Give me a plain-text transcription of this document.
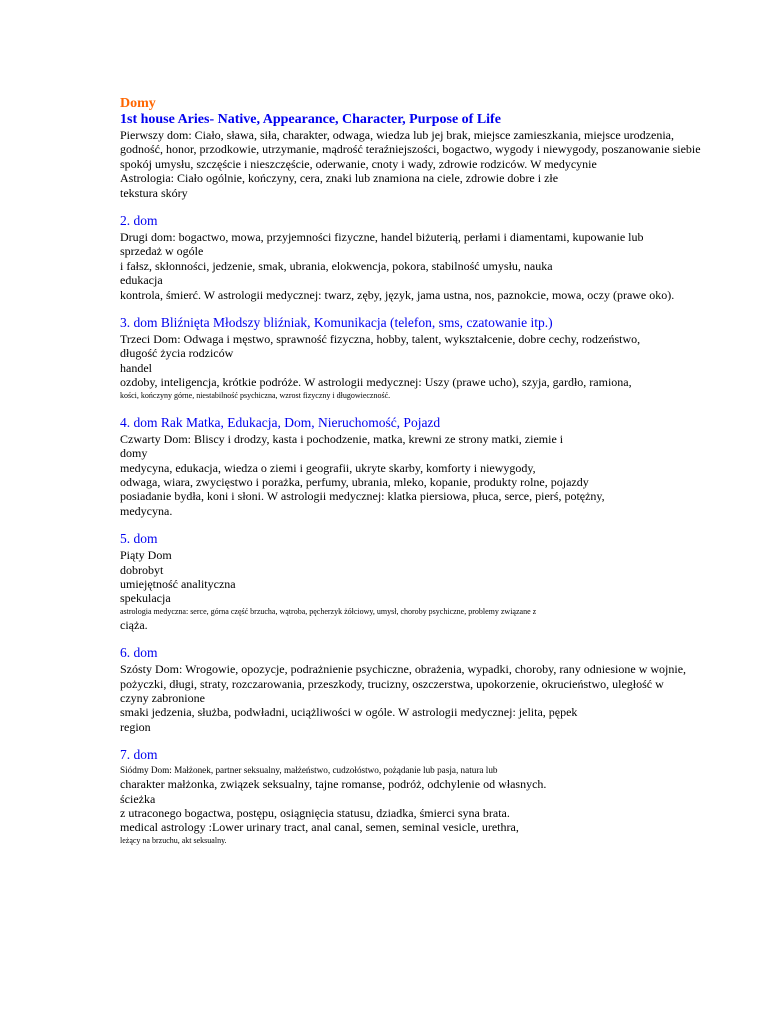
Domy
1st house Aries- Native, Appearance, Character, Purpose of Life
Pierwszy dom: Ciało, sława, siła, charakter, odwaga, wiedza lub jej brak, miejsce zamieszkania, miejsce urodzenia,
godność, honor, przodkowie, utrzymanie, mądrość teraźniejszości, bogactwo, wygody i niewygody, poszanowanie siebie
spokój umysłu, szczęście i nieszczęście, oderwanie, cnoty i wady, zdrowie rodziców. W medycynie
Astrologia: Ciało ogólnie, kończyny, cera, znaki lub znamiona na ciele, zdrowie dobre i złe
tekstura skóry
2. dom
Drugi dom: bogactwo, mowa, przyjemności fizyczne, handel biżuterią, perłami i diamentami, kupowanie lub
sprzedaż w ogóle
i fałsz, skłonności, jedzenie, smak, ubrania, elokwencja, pokora, stabilność umysłu, nauka
edukacja
kontrola, śmierć. W astrologii medycznej: twarz, zęby, język, jama ustna, nos, paznokcie, mowa, oczy (prawe oko).
3. dom Bliźnięta Młodszy bliźniak, Komunikacja (telefon, sms, czatowanie itp.)
Trzeci Dom: Odwaga i męstwo, sprawność fizyczna, hobby, talent, wykształcenie, dobre cechy, rodzeństwo,
długość życia rodziców
handel
ozdoby, inteligencja, krótkie podróże. W astrologii medycznej: Uszy (prawe ucho), szyja, gardło, ramiona,
kości, kończyny górne, niestabilność psychiczna, wzrost fizyczny i długowieczność.
4. dom Rak Matka, Edukacja, Dom, Nieruchomość, Pojazd
Czwarty Dom: Bliscy i drodzy, kasta i pochodzenie, matka, krewni ze strony matki, ziemie i
domy
medycyna, edukacja, wiedza o ziemi i geografii, ukryte skarby, komforty i niewygody,
odwaga, wiara, zwycięstwo i porażka, perfumy, ubrania, mleko, kopanie, produkty rolne, pojazdy
posiadanie bydła, koni i słoni. W astrologii medycznej: klatka piersiowa, płuca, serce, pierś, potężny,
medycyna.
5. dom
Piąty Dom
dobrobyt
umiejętność analityczna
spekulacja
astrologia medyczna: serce, górna część brzucha, wątroba, pęcherzyk żółciowy, umysł, choroby psychiczne, problemy związane z
ciąża.
6. dom
Szósty Dom: Wrogowie, opozycje, podrażnienie psychiczne, obrażenia, wypadki, choroby, rany odniesione w wojnie,
pożyczki, długi, straty, rozczarowania, przeszkody, trucizny, oszczerstwa, upokorzenie, okrucieństwo, uległość w
czyny zabronione
smaki jedzenia, służba, podwładni, uciążliwości w ogóle. W astrologii medycznej: jelita, pępek
region
7. dom
Siódmy Dom: Małżonek, partner seksualny, małżeństwo, cudzołóstwo, pożądanie lub pasja, natura lub
charakter małżonka, związek seksualny, tajne romanse, podróż, odchylenie od własnych.
ścieżka
z utraconego bogactwa, postępu, osiągnięcia statusu, dziadka, śmierci syna brata.
medical astrology :Lower urinary tract, anal canal, semen, seminal vesicle, urethra,
leżący na brzuchu, akt seksualny.
